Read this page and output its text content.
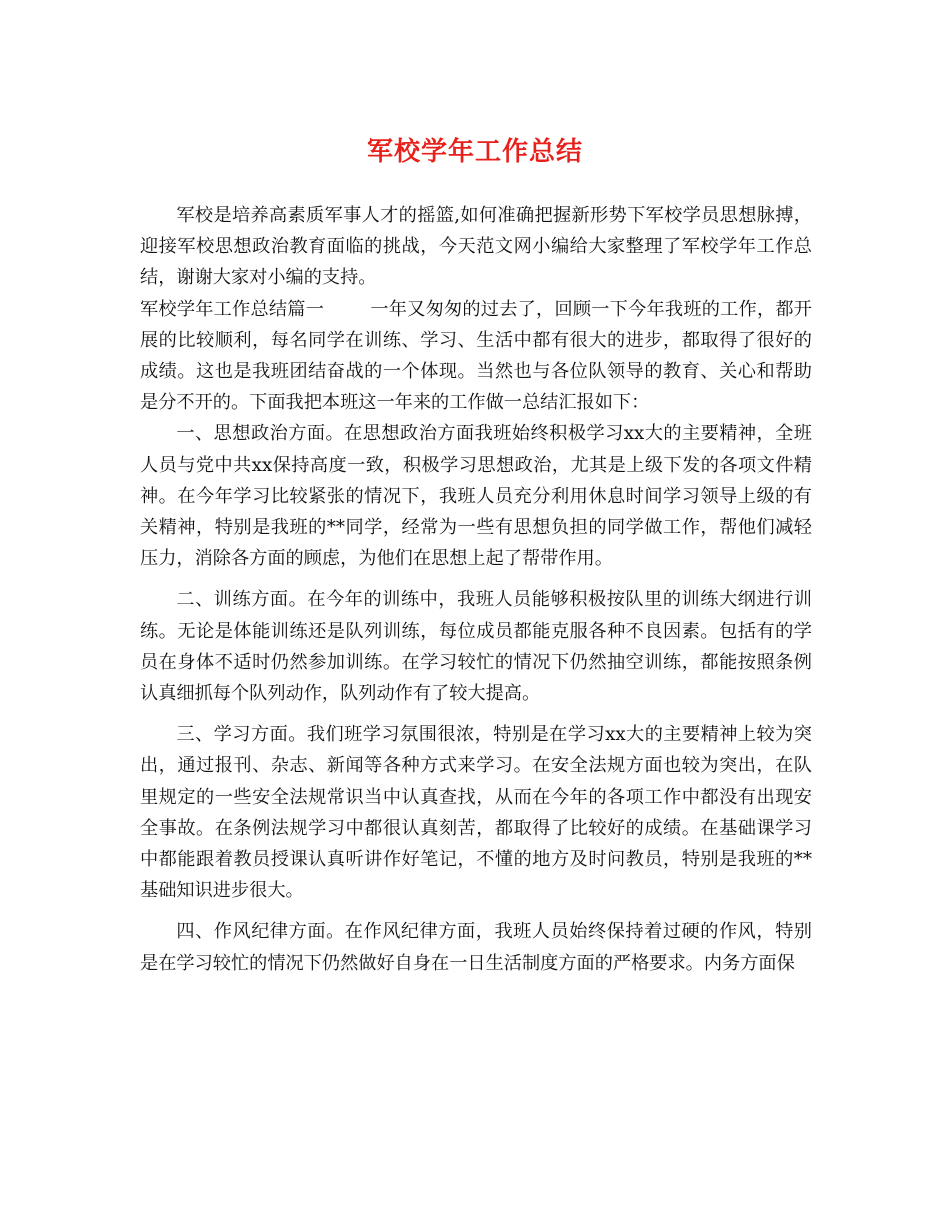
军校学年工作总结

军校是培养高素质军事人才的摇篮,如何准确把握新形势下军校学员思想脉搏，迎接军校思想政治教育面临的挑战，今天范文网小编给大家整理了军校学年工作总结，谢谢大家对小编的支持。

军校学年工作总结篇一	一年又匆匆的过去了，回顾一下今年我班的工作，都开展的比较顺利，每名同学在训练、学习、生活中都有很大的进步，都取得了很好的成绩。这也是我班团结奋战的一个体现。当然也与各位队领导的教育、关心和帮助是分不开的。下面我把本班这一年来的工作做一总结汇报如下：

一、思想政治方面。在思想政治方面我班始终积极学习xx大的主要精神，全班人员与党中共xx保持高度一致，积极学习思想政治，尤其是上级下发的各项文件精神。在今年学习比较紧张的情况下，我班人员充分利用休息时间学习领导上级的有关精神，特别是我班的**同学，经常为一些有思想负担的同学做工作，帮他们减轻压力，消除各方面的顾虑，为他们在思想上起了帮带作用。

二、训练方面。在今年的训练中，我班人员能够积极按队里的训练大纲进行训练。无论是体能训练还是队列训练，每位成员都能克服各种不良因素。包括有的学员在身体不适时仍然参加训练。在学习较忙的情况下仍然抽空训练，都能按照条例认真细抓每个队列动作，队列动作有了较大提高。

三、学习方面。我们班学习氛围很浓，特别是在学习xx大的主要精神上较为突出，通过报刊、杂志、新闻等各种方式来学习。在安全法规方面也较为突出，在队里规定的一些安全法规常识当中认真查找，从而在今年的各项工作中都没有出现安全事故。在条例法规学习中都很认真刻苦，都取得了比较好的成绩。在基础课学习中都能跟着教员授课认真听讲作好笔记，不懂的地方及时问教员，特别是我班的**基础知识进步很大。

四、作风纪律方面。在作风纪律方面，我班人员始终保持着过硬的作风，特别是在学习较忙的情况下仍然做好自身在一日生活制度方面的严格要求。内务方面保
